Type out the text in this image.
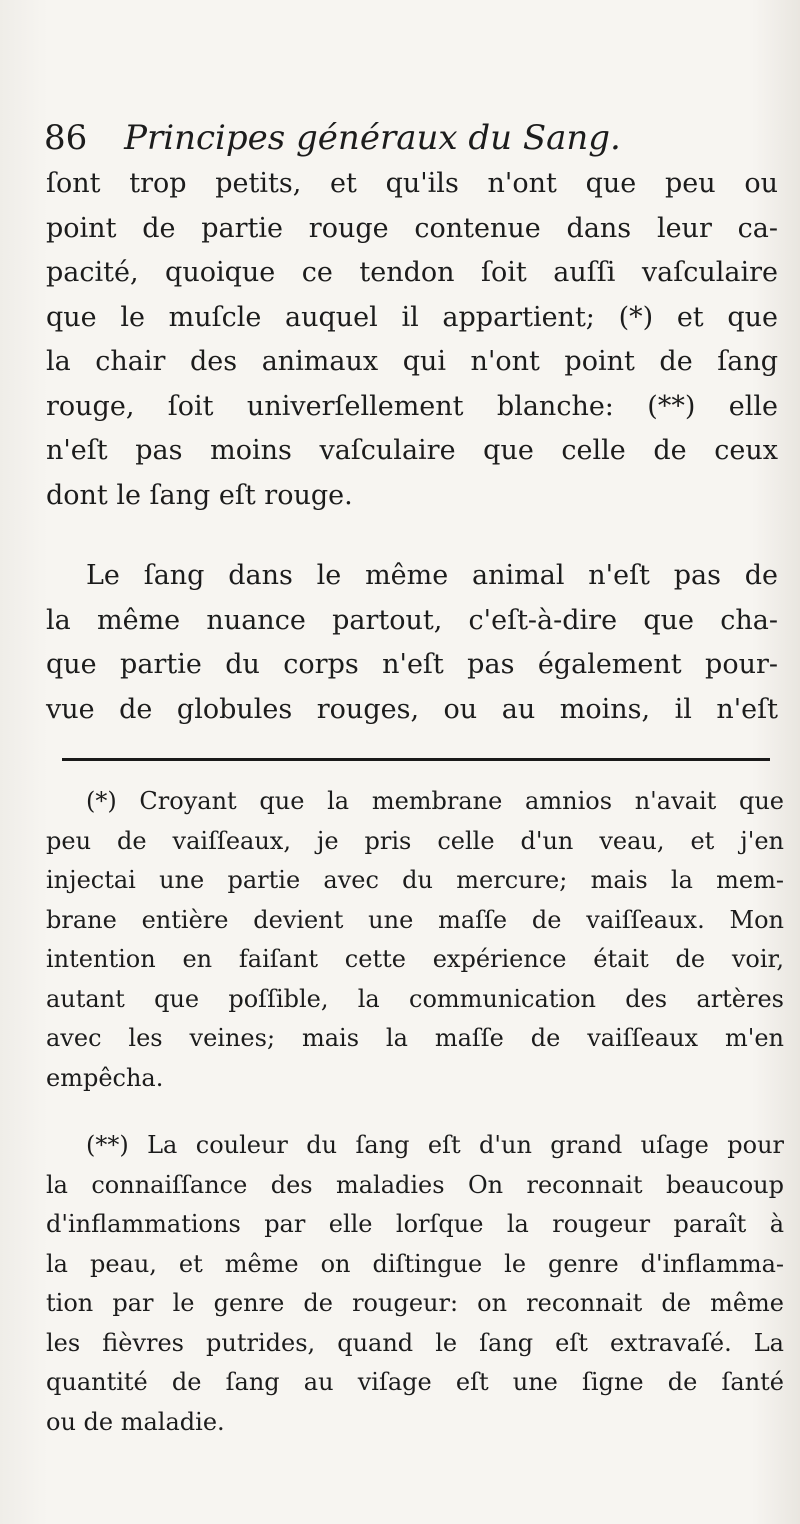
86 Principes généraux du Sang.
ſont trop petits, et qu'ils n'ont que peu ou
point de partie rouge contenue dans leur ca-
pacité, quoique ce tendon ſoit auſſi vaſculaire
que le muſcle auquel il appartient; (*) et que
la chair des animaux qui n'ont point de ſang
rouge, ſoit univerſellement blanche: (**) elle
n'eſt pas moins vaſculaire que celle de ceux
dont le ſang eſt rouge.
Le ſang dans le même animal n'eſt pas de
la même nuance partout, c'eſt-à-dire que cha-
que partie du corps n'eſt pas également pour-
vue de globules rouges, ou au moins, il n'eſt
(*) Croyant que la membrane amnios n'avait que
peu de vaiſſeaux, je pris celle d'un veau, et j'en
injectai une partie avec du mercure; mais la mem-
brane entière devient une maſſe de vaiſſeaux. Mon
intention en faiſant cette expérience était de voir,
autant que poſſible, la communication des artères
avec les veines; mais la maſſe de vaiſſeaux m'en
empêcha.
(**) La couleur du ſang eſt d'un grand uſage pour
la connaiſſance des maladies On reconnait beaucoup
d'inflammations par elle lorſque la rougeur paraît à
la peau, et même on diſtingue le genre d'inflamma-
tion par le genre de rougeur: on reconnait de même
les fièvres putrides, quand le ſang eſt extravaſé. La
quantité de ſang au viſage eſt une ſigne de ſanté
ou de maladie.
